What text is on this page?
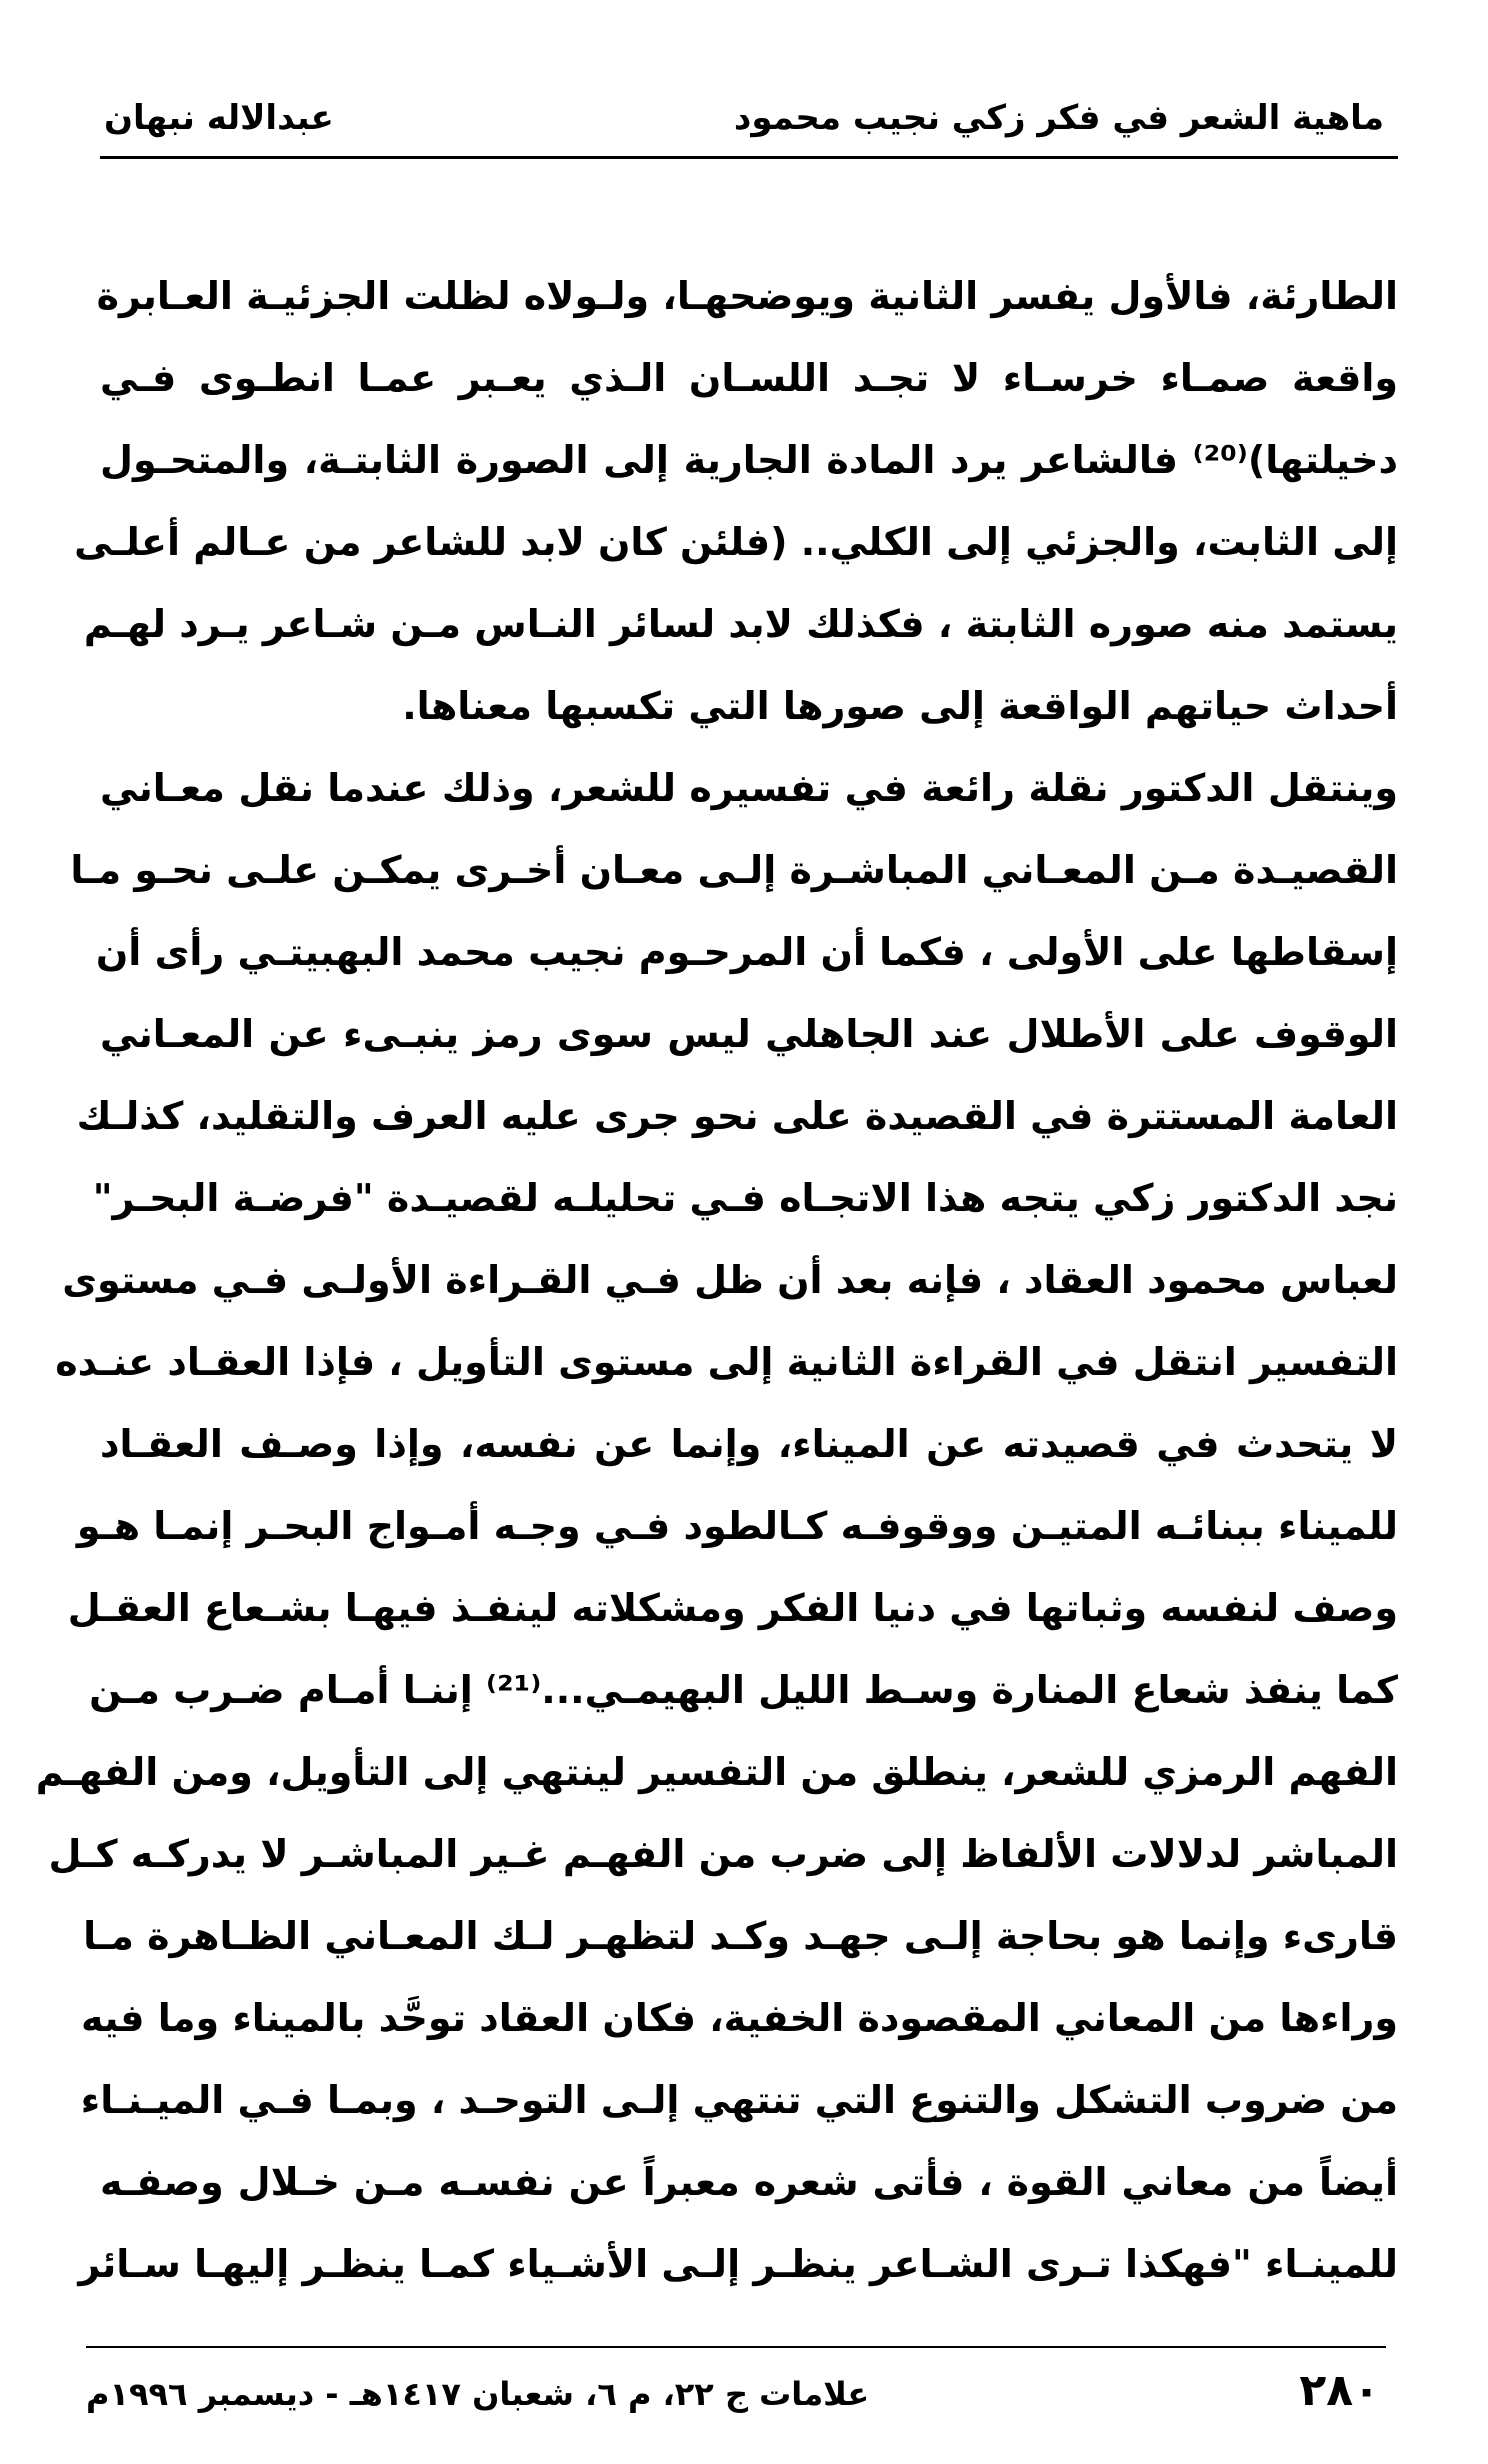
ماهية الشعر في فكر زكي نجيب محمود
عبدالاله نبهان
الطارئة، فالأول يفسر الثانية ويوضحهـا، ولـولاه لظلت الجزئيـة العـابرة
واقعة صمـاء خرسـاء لا تجـد اللسـان الـذي يعـبر عمـا انطـوى فـي
دخيلتها)⁽²⁰⁾ فالشاعر يرد المادة الجارية إلى الصورة الثابتـة، والمتحـول
إلى الثابت، والجزئي إلى الكلي.. (فلئن كان لابد للشاعر من عـالم أعلـى
يستمد منه صوره الثابتة ، فكذلك لابد لسائر النـاس مـن شـاعر يـرد لهـم
أحداث حياتهم الواقعة إلى صورها التي تكسبها معناها.
وينتقل الدكتور نقلة رائعة في تفسيره للشعر، وذلك عندما نقل معـاني
القصيـدة مـن المعـاني المباشـرة إلـى معـان أخـرى يمكـن علـى نحـو مـا
إسقاطها على الأولى ، فكما أن المرحـوم نجيب محمد البهبيتـي رأى أن
الوقوف على الأطلال عند الجاهلي ليس سوى رمز ينبـىء عن المعـاني
العامة المستترة في القصيدة على نحو جرى عليه العرف والتقليد، كذلـك
نجد الدكتور زكي يتجه هذا الاتجـاه فـي تحليلـه لقصيـدة "فرضـة البحـر"
لعباس محمود العقاد ، فإنه بعد أن ظل فـي القـراءة الأولـى فـي مستوى
التفسير انتقل في القراءة الثانية إلى مستوى التأويل ، فإذا العقـاد عنـده
لا يتحدث في قصيدته عن الميناء، وإنما عن نفسه، وإذا وصـف العقـاد
للميناء ببنائـه المتيـن ووقوفـه كـالطود فـي وجـه أمـواج البحـر إنمـا هـو
وصف لنفسه وثباتها في دنيا الفكر ومشكلاته لينفـذ فيهـا بشـعاع العقـل
كما ينفذ شعاع المنارة وسـط الليل البهيمـي...⁽²¹⁾ إننـا أمـام ضـرب مـن
الفهم الرمزي للشعر، ينطلق من التفسير لينتهي إلى التأويل، ومن الفهـم
المباشر لدلالات الألفاظ إلى ضرب من الفهـم غـير المباشـر لا يدركـه كـل
قارىء وإنما هو بحاجة إلـى جهـد وكـد لتظهـر لـك المعـاني الظـاهرة مـا
وراءها من المعاني المقصودة الخفية، فكان العقاد توحَّد بالميناء وما فيه
من ضروب التشكل والتنوع التي تنتهي إلـى التوحـد ، وبمـا فـي الميـنـاء
أيضاً من معاني القوة ، فأتى شعره معبراً عن نفسـه مـن خـلال وصفـه
للمينـاء "فهكذا تـرى الشـاعر ينظـر إلـى الأشـياء كمـا ينظـر إليهـا سـائر
٢٨٠
علامات ج ٢٢، م ٦، شعبان ١٤١٧هـ - ديسمبر ١٩٩٦م
